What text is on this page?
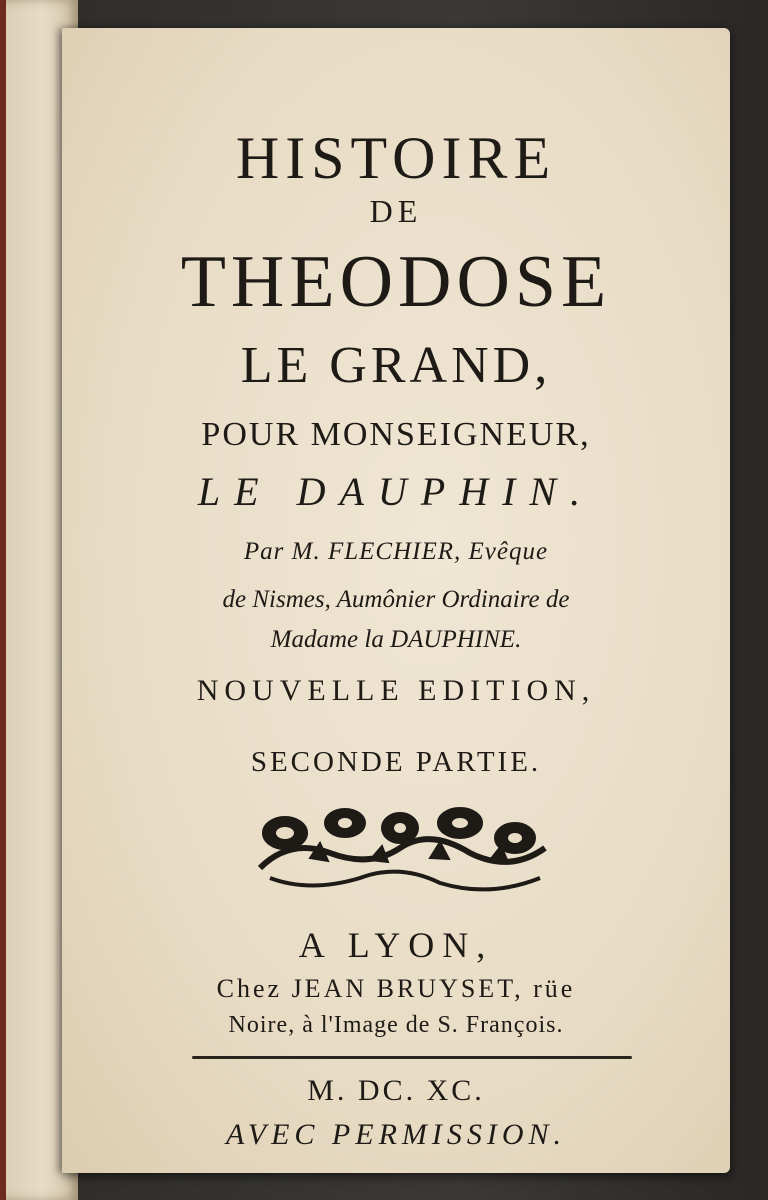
HISTOIRE
DE
THEODOSE
LE GRAND,
POUR MONSEIGNEUR,
LE DAUPHIN.
Par M. FLECHIER, Evêque
de Nismes, Aumônier Ordinaire de
Madame la DAUPHINE.
NOUVELLE EDITION,
SECONDE PARTIE.
A LYON,
Chez JEAN BRUYSET, rüe
Noire, à l'Image de S. François.
M. DC. XC.
AVEC PERMISSION.
